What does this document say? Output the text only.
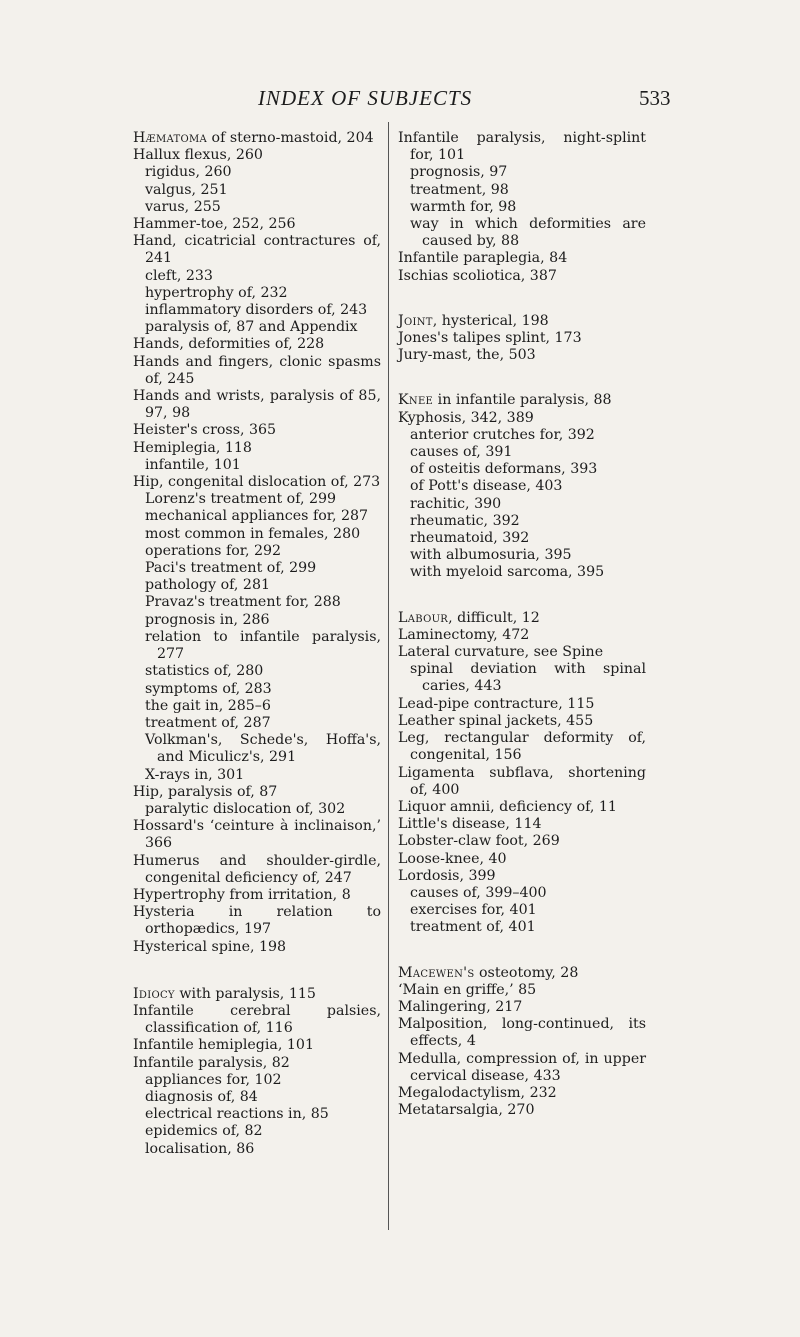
INDEX OF SUBJECTS	533
Hæmatoma of sterno-mastoid, 204
Hallux flexus, 260
rigidus, 260
valgus, 251
varus, 255
Hammer-toe, 252, 256
Hand, cicatricial contractures of, 241
cleft, 233
hypertrophy of, 232
inflammatory disorders of, 243
paralysis of, 87 and Appendix
Hands, deformities of, 228
Hands and fingers, clonic spasms of, 245
Hands and wrists, paralysis of 85, 97, 98
Heister's cross, 365
Hemiplegia, 118
infantile, 101
Hip, congenital dislocation of, 273
Lorenz's treatment of, 299
mechanical appliances for, 287
most common in females, 280
operations for, 292
Paci's treatment of, 299
pathology of, 281
Pravaz's treatment for, 288
prognosis in, 286
relation to infantile paralysis, 277
statistics of, 280
symptoms of, 283
the gait in, 285–6
treatment of, 287
Volkman's, Schede's, Hoffa's, and Miculicz's, 291
X-rays in, 301
Hip, paralysis of, 87
paralytic dislocation of, 302
Hossard's ‘ceinture à inclinaison,’ 366
Humerus and shoulder-girdle, congenital deficiency of, 247
Hypertrophy from irritation, 8
Hysteria in relation to orthopædics, 197
Hysterical spine, 198
Idiocy with paralysis, 115
Infantile cerebral palsies, classification of, 116
Infantile hemiplegia, 101
Infantile paralysis, 82
appliances for, 102
diagnosis of, 84
electrical reactions in, 85
epidemics of, 82
localisation, 86
Infantile paralysis, night-splint for, 101
prognosis, 97
treatment, 98
warmth for, 98
way in which deformities are caused by, 88
Infantile paraplegia, 84
Ischias scoliotica, 387
Joint, hysterical, 198
Jones's talipes splint, 173
Jury-mast, the, 503
Knee in infantile paralysis, 88
Kyphosis, 342, 389
anterior crutches for, 392
causes of, 391
of osteitis deformans, 393
of Pott's disease, 403
rachitic, 390
rheumatic, 392
rheumatoid, 392
with albumosuria, 395
with myeloid sarcoma, 395
Labour, difficult, 12
Laminectomy, 472
Lateral curvature, see Spine
spinal deviation with spinal caries, 443
Lead-pipe contracture, 115
Leather spinal jackets, 455
Leg, rectangular deformity of, congenital, 156
Ligamenta subflava, shortening of, 400
Liquor amnii, deficiency of, 11
Little's disease, 114
Lobster-claw foot, 269
Loose-knee, 40
Lordosis, 399
causes of, 399–400
exercises for, 401
treatment of, 401
Macewen's osteotomy, 28
‘Main en griffe,’ 85
Malingering, 217
Malposition, long-continued, its effects, 4
Medulla, compression of, in upper cervical disease, 433
Megalodactylism, 232
Metatarsalgia, 270
